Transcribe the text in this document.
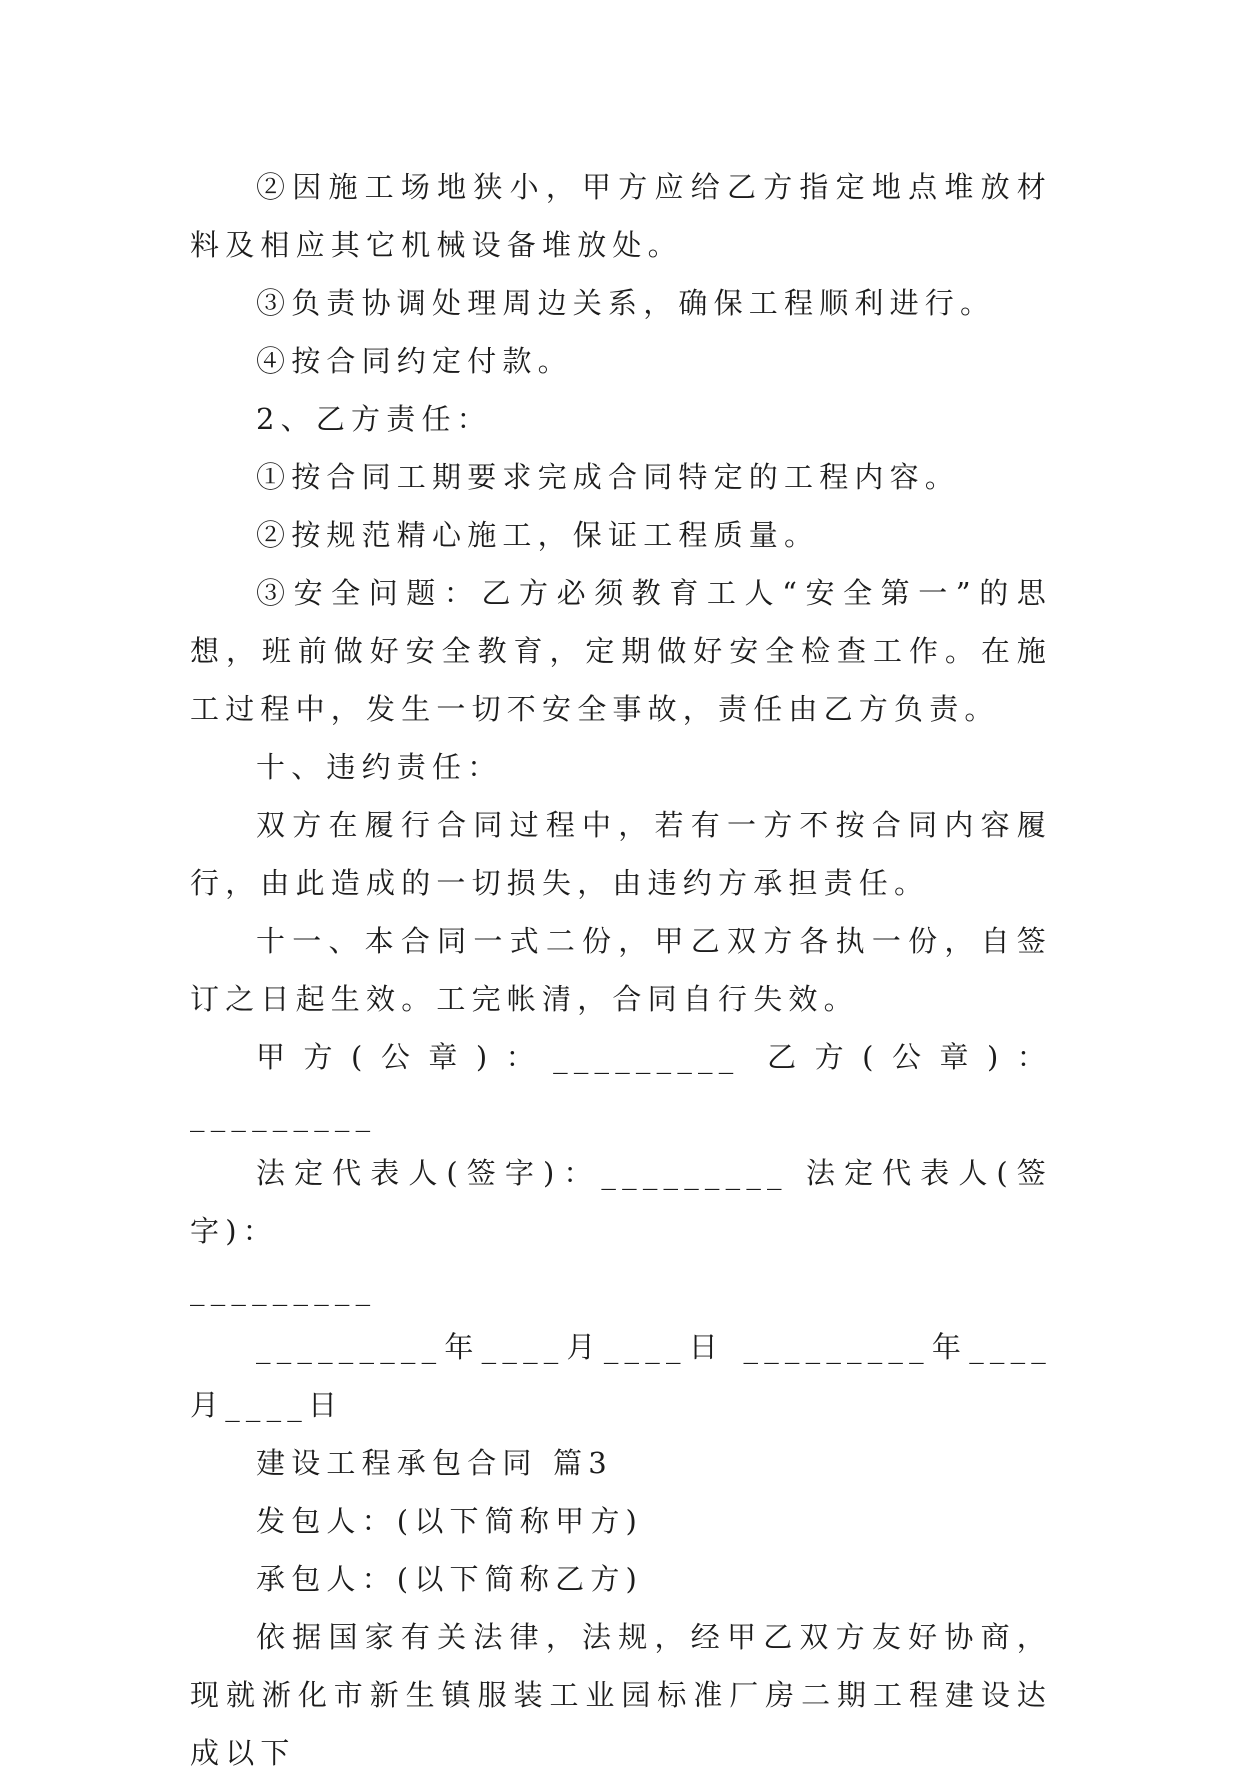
②因施工场地狭小，甲方应给乙方指定地点堆放材料及相应其它机械设备堆放处。

③负责协调处理周边关系，确保工程顺利进行。

④按合同约定付款。

2、乙方责任：

①按合同工期要求完成合同特定的工程内容。

②按规范精心施工，保证工程质量。

③安全问题：乙方必须教育工人“安全第一”的思想，班前做好安全教育，定期做好安全检查工作。在施工过程中，发生一切不安全事故，责任由乙方负责。

十、违约责任：

双方在履行合同过程中，若有一方不按合同内容履行，由此造成的一切损失，由违约方承担责任。

十一、本合同一式二份，甲乙双方各执一份，自签订之日起生效。工完帐清，合同自行失效。

甲方(公章)：_________ 乙方(公章)：_________

法定代表人(签字)：_________ 法定代表人(签字)：

_________

_________年____月____日 _________年____月____日

建设工程承包合同 篇3

发包人：(以下简称甲方)

承包人：(以下简称乙方)

依据国家有关法律，法规，经甲乙双方友好协商，现就淅化市新生镇服装工业园标准厂房二期工程建设达成以下
